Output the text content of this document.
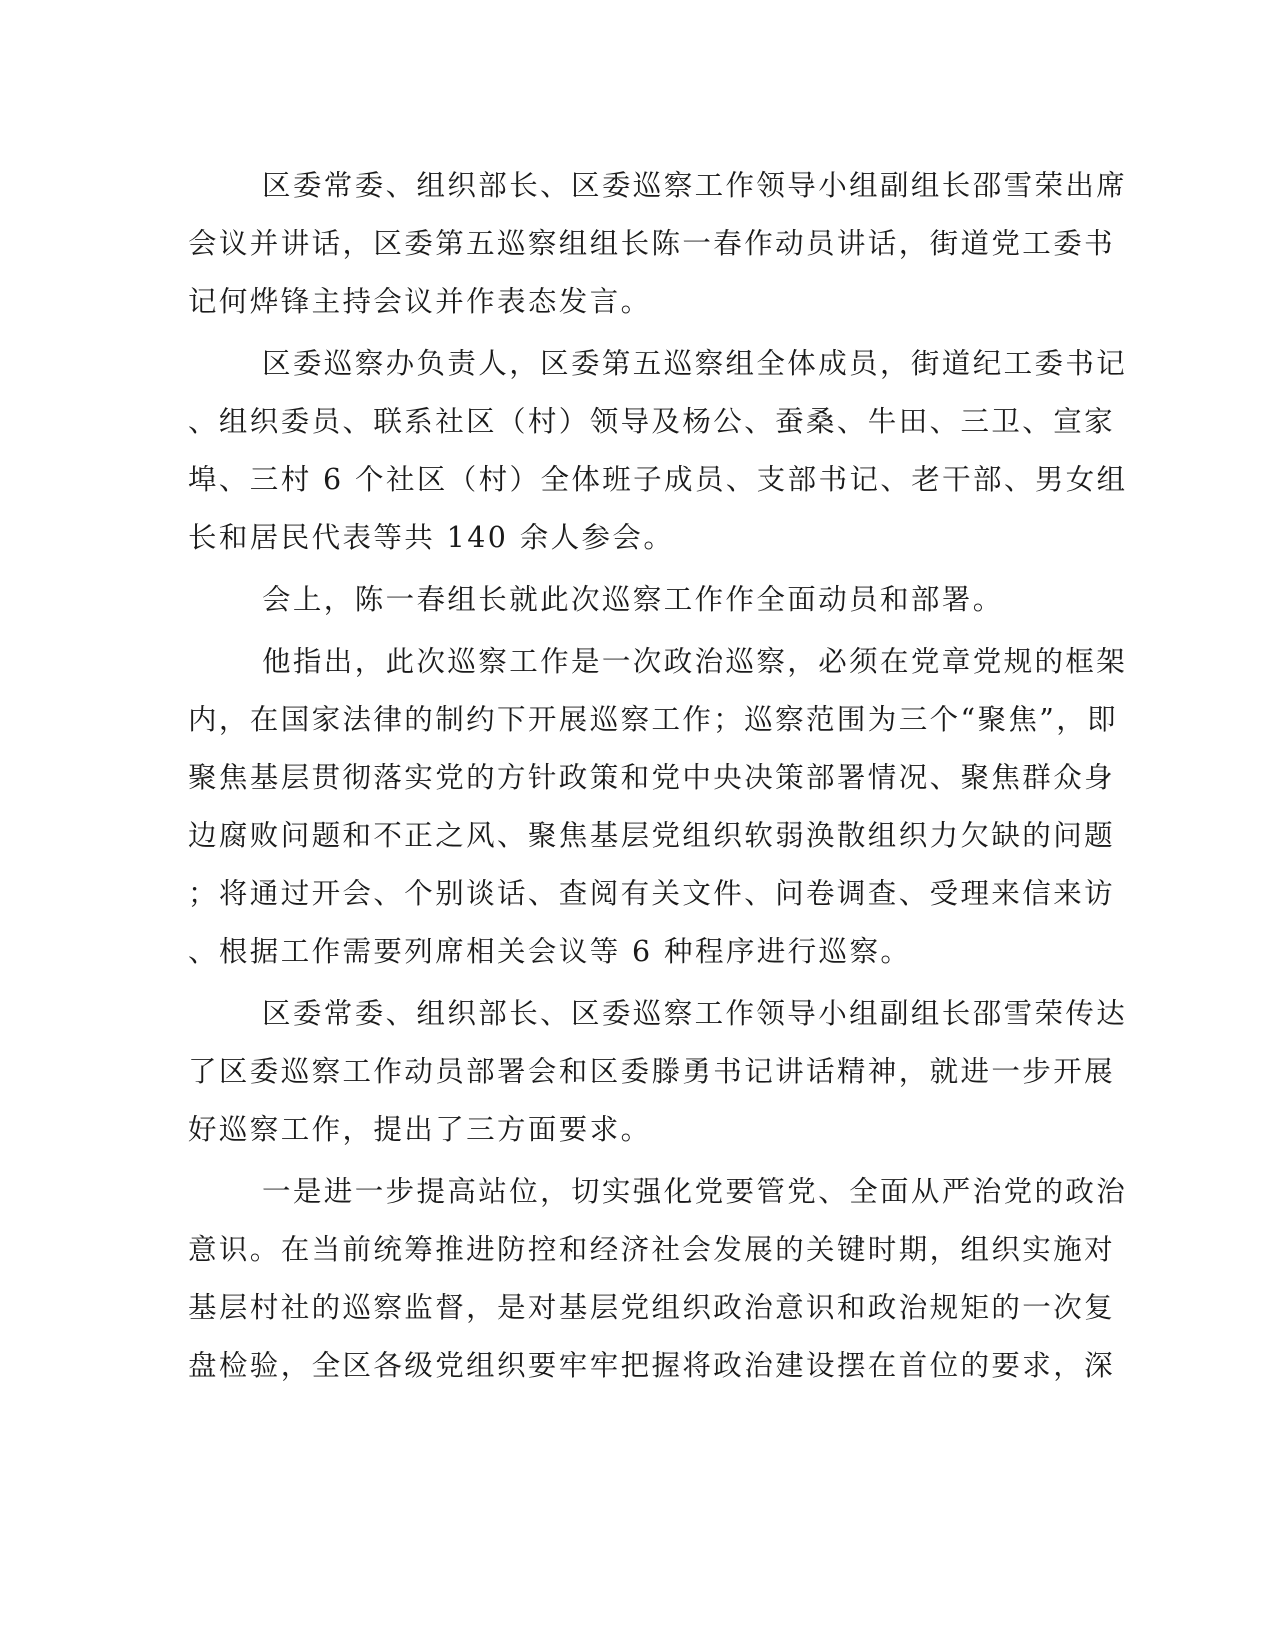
区委常委、组织部长、区委巡察工作领导小组副组长邵雪荣出席
会议并讲话，区委第五巡察组组长陈一春作动员讲话，街道党工委书
记何烨锋主持会议并作表态发言。
区委巡察办负责人，区委第五巡察组全体成员，街道纪工委书记
、组织委员、联系社区（村）领导及杨公、蚕桑、牛田、三卫、宣家
埠、三村 6 个社区（村）全体班子成员、支部书记、老干部、男女组
长和居民代表等共 140 余人参会。
会上，陈一春组长就此次巡察工作作全面动员和部署。
他指出，此次巡察工作是一次政治巡察，必须在党章党规的框架
内，在国家法律的制约下开展巡察工作；巡察范围为三个“聚焦”，即
聚焦基层贯彻落实党的方针政策和党中央决策部署情况、聚焦群众身
边腐败问题和不正之风、聚焦基层党组织软弱涣散组织力欠缺的问题
；将通过开会、个别谈话、查阅有关文件、问卷调查、受理来信来访
、根据工作需要列席相关会议等 6 种程序进行巡察。
区委常委、组织部长、区委巡察工作领导小组副组长邵雪荣传达
了区委巡察工作动员部署会和区委滕勇书记讲话精神，就进一步开展
好巡察工作，提出了三方面要求。
一是进一步提高站位，切实强化党要管党、全面从严治党的政治
意识。在当前统筹推进防控和经济社会发展的关键时期，组织实施对
基层村社的巡察监督，是对基层党组织政治意识和政治规矩的一次复
盘检验，全区各级党组织要牢牢把握将政治建设摆在首位的要求，深
